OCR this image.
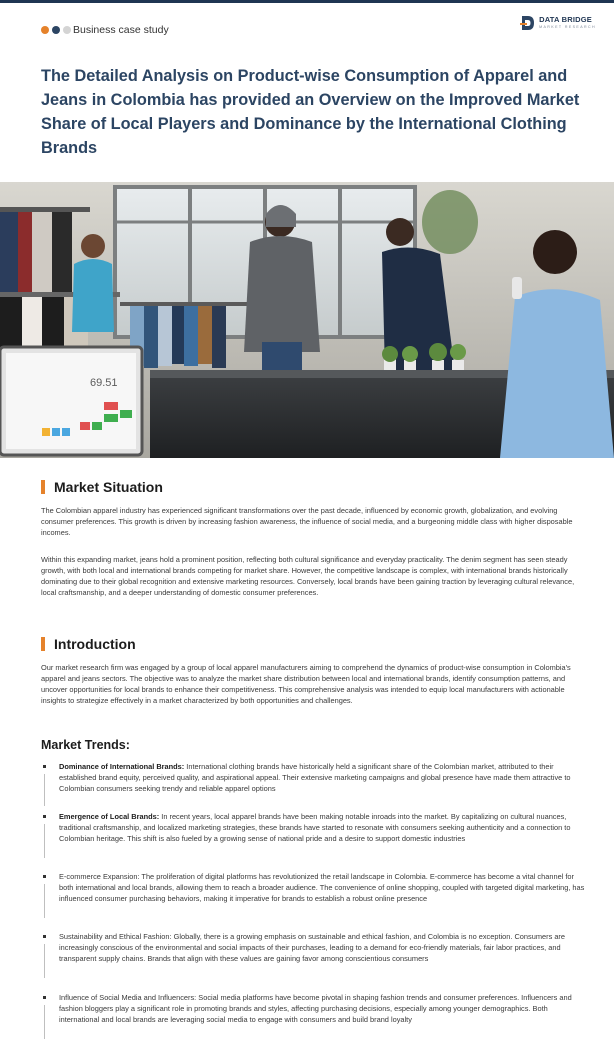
Business case study
DATA BRIDGE
MARKET RESEARCH
The Detailed Analysis on Product-wise Consumption of Apparel and Jeans in Colombia has provided an Overview on the Improved Market Share of Local Players and Dominance by the International Clothing Brands
69.51
Market Situation

The Colombian apparel industry has experienced significant transformations over the past decade, influenced by economic growth, globalization, and evolving consumer preferences. This growth is driven by increasing fashion awareness, the influence of social media, and a burgeoning middle class with higher disposable incomes.

Within this expanding market, jeans hold a prominent position, reflecting both cultural significance and everyday practicality. The denim segment has seen steady growth, with both local and international brands competing for market share. However, the competitive landscape is complex, with international brands historically dominating due to their global recognition and extensive marketing resources. Conversely, local brands have been gaining traction by leveraging cultural relevance, local craftsmanship, and a deeper understanding of domestic consumer preferences.

Introduction

Our market research firm was engaged by a group of local apparel manufacturers aiming to comprehend the dynamics of product-wise consumption in Colombia's apparel and jeans sectors. The objective was to analyze the market share distribution between local and international brands, identify consumption patterns, and uncover opportunities for local brands to enhance their competitiveness. This comprehensive analysis was intended to equip local manufacturers with actionable insights to strategize effectively in a market characterized by both opportunities and challenges.

Market Trends:

Dominance of International Brands: International clothing brands have historically held a significant share of the Colombian market, attributed to their established brand equity, perceived quality, and aspirational appeal. Their extensive marketing campaigns and global presence have made them attractive to Colombian consumers seeking trendy and reliable apparel options

Emergence of Local Brands: In recent years, local apparel brands have been making notable inroads into the market. By capitalizing on cultural nuances, traditional craftsmanship, and localized marketing strategies, these brands have started to resonate with consumers seeking authenticity and a connection to Colombian heritage. This shift is also fueled by a growing sense of national pride and a desire to support domestic industries

E-commerce Expansion: The proliferation of digital platforms has revolutionized the retail landscape in Colombia. E-commerce has become a vital channel for both international and local brands, allowing them to reach a broader audience. The convenience of online shopping, coupled with targeted digital marketing, has influenced consumer purchasing behaviors, making it imperative for brands to establish a robust online presence

Sustainability and Ethical Fashion: Globally, there is a growing emphasis on sustainable and ethical fashion, and Colombia is no exception. Consumers are increasingly conscious of the environmental and social impacts of their purchases, leading to a demand for eco-friendly materials, fair labor practices, and transparent supply chains. Brands that align with these values are gaining favor among conscientious consumers

Influence of Social Media and Influencers: Social media platforms have become pivotal in shaping fashion trends and consumer preferences. Influencers and fashion bloggers play a significant role in promoting brands and styles, affecting purchasing decisions, especially among younger demographics. Both international and local brands are leveraging social media to engage with consumers and build brand loyalty
